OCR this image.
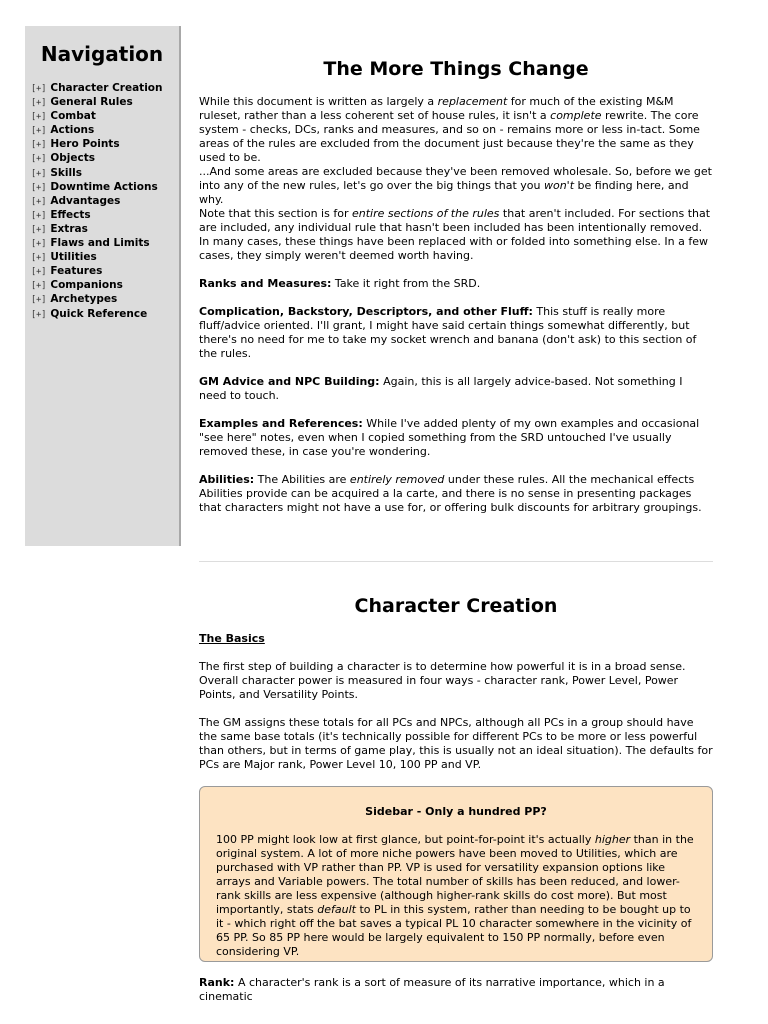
Navigation
[+] Character Creation
[+] General Rules
[+] Combat
[+] Actions
[+] Hero Points
[+] Objects
[+] Skills
[+] Downtime Actions
[+] Advantages
[+] Effects
[+] Extras
[+] Flaws and Limits
[+] Utilities
[+] Features
[+] Companions
[+] Archetypes
[+] Quick Reference
The More Things Change

While this document is written as largely a replacement for much of the existing M&M ruleset, rather than a less coherent set of house rules, it isn't a complete rewrite. The core system - checks, DCs, ranks and measures, and so on - remains more or less in-tact. Some areas of the rules are excluded from the document just because they're the same as they used to be.

...And some areas are excluded because they've been removed wholesale. So, before we get into any of the new rules, let's go over the big things that you won't be finding here, and why.

Note that this section is for entire sections of the rules that aren't included. For sections that are included, any individual rule that hasn't been included has been intentionally removed. In many cases, these things have been replaced with or folded into something else. In a few cases, they simply weren't deemed worth having.

Ranks and Measures: Take it right from the SRD.

Complication, Backstory, Descriptors, and other Fluff: This stuff is really more fluff/advice oriented. I'll grant, I might have said certain things somewhat differently, but there's no need for me to take my socket wrench and banana (don't ask) to this section of the rules.

GM Advice and NPC Building: Again, this is all largely advice-based. Not something I need to touch.

Examples and References: While I've added plenty of my own examples and occasional "see here" notes, even when I copied something from the SRD untouched I've usually removed these, in case you're wondering.

Abilities: The Abilities are entirely removed under these rules. All the mechanical effects Abilities provide can be acquired a la carte, and there is no sense in presenting packages that characters might not have a use for, or offering bulk discounts for arbitrary groupings.

Character Creation

The Basics

The first step of building a character is to determine how powerful it is in a broad sense. Overall character power is measured in four ways - character rank, Power Level, Power Points, and Versatility Points.

The GM assigns these totals for all PCs and NPCs, although all PCs in a group should have the same base totals (it's technically possible for different PCs to be more or less powerful than others, but in terms of game play, this is usually not an ideal situation). The defaults for PCs are Major rank, Power Level 10, 100 PP and VP.

Sidebar - Only a hundred PP?

100 PP might look low at first glance, but point-for-point it's actually higher than in the original system. A lot of more niche powers have been moved to Utilities, which are purchased with VP rather than PP. VP is used for versatility expansion options like arrays and Variable powers. The total number of skills has been reduced, and lower-rank skills are less expensive (although higher-rank skills do cost more). But most importantly, stats default to PL in this system, rather than needing to be bought up to it - which right off the bat saves a typical PL 10 character somewhere in the vicinity of 65 PP. So 85 PP here would be largely equivalent to 150 PP normally, before even considering VP.

Rank: A character's rank is a sort of measure of its narrative importance, which in a cinematic
